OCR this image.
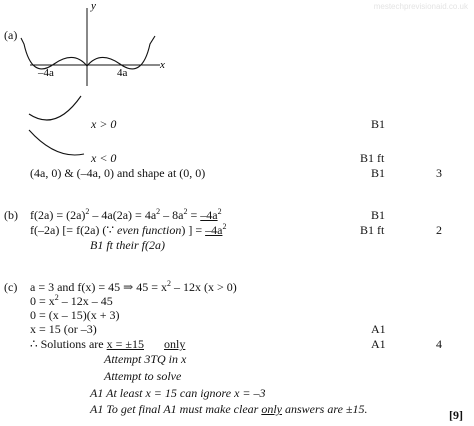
mestechprevisionaid.co.uk
(a)
y
x
–4a	4a
x > 0	B1
x < 0	B1 ft
(4a, 0) & (–4a, 0) and shape at (0, 0)	B1	3
(b) $f(2a) = (2a)^2 - 4a(2a) = 4a^2 - 8a^2 = -4a^2$	B1
f(–2a) [= f(2a) (∵ even function) ] = $-4a^2$	B1 ft	2
B1 ft their f(2a)
(c) a = 3 and f(x) = 45 ⇒ $45 = x^2 - 12x$ (x > 0)
$0 = x^2 - 12x - 45$
0 = (x – 15)(x + 3)
x = 15 (or –3)	A1
∴ Solutions are x = ±15 only	A1	4
Attempt 3TQ in x
Attempt to solve
A1 At least x = 15 can ignore x = –3
A1 To get final A1 must make clear only answers are ±15.	[9]
